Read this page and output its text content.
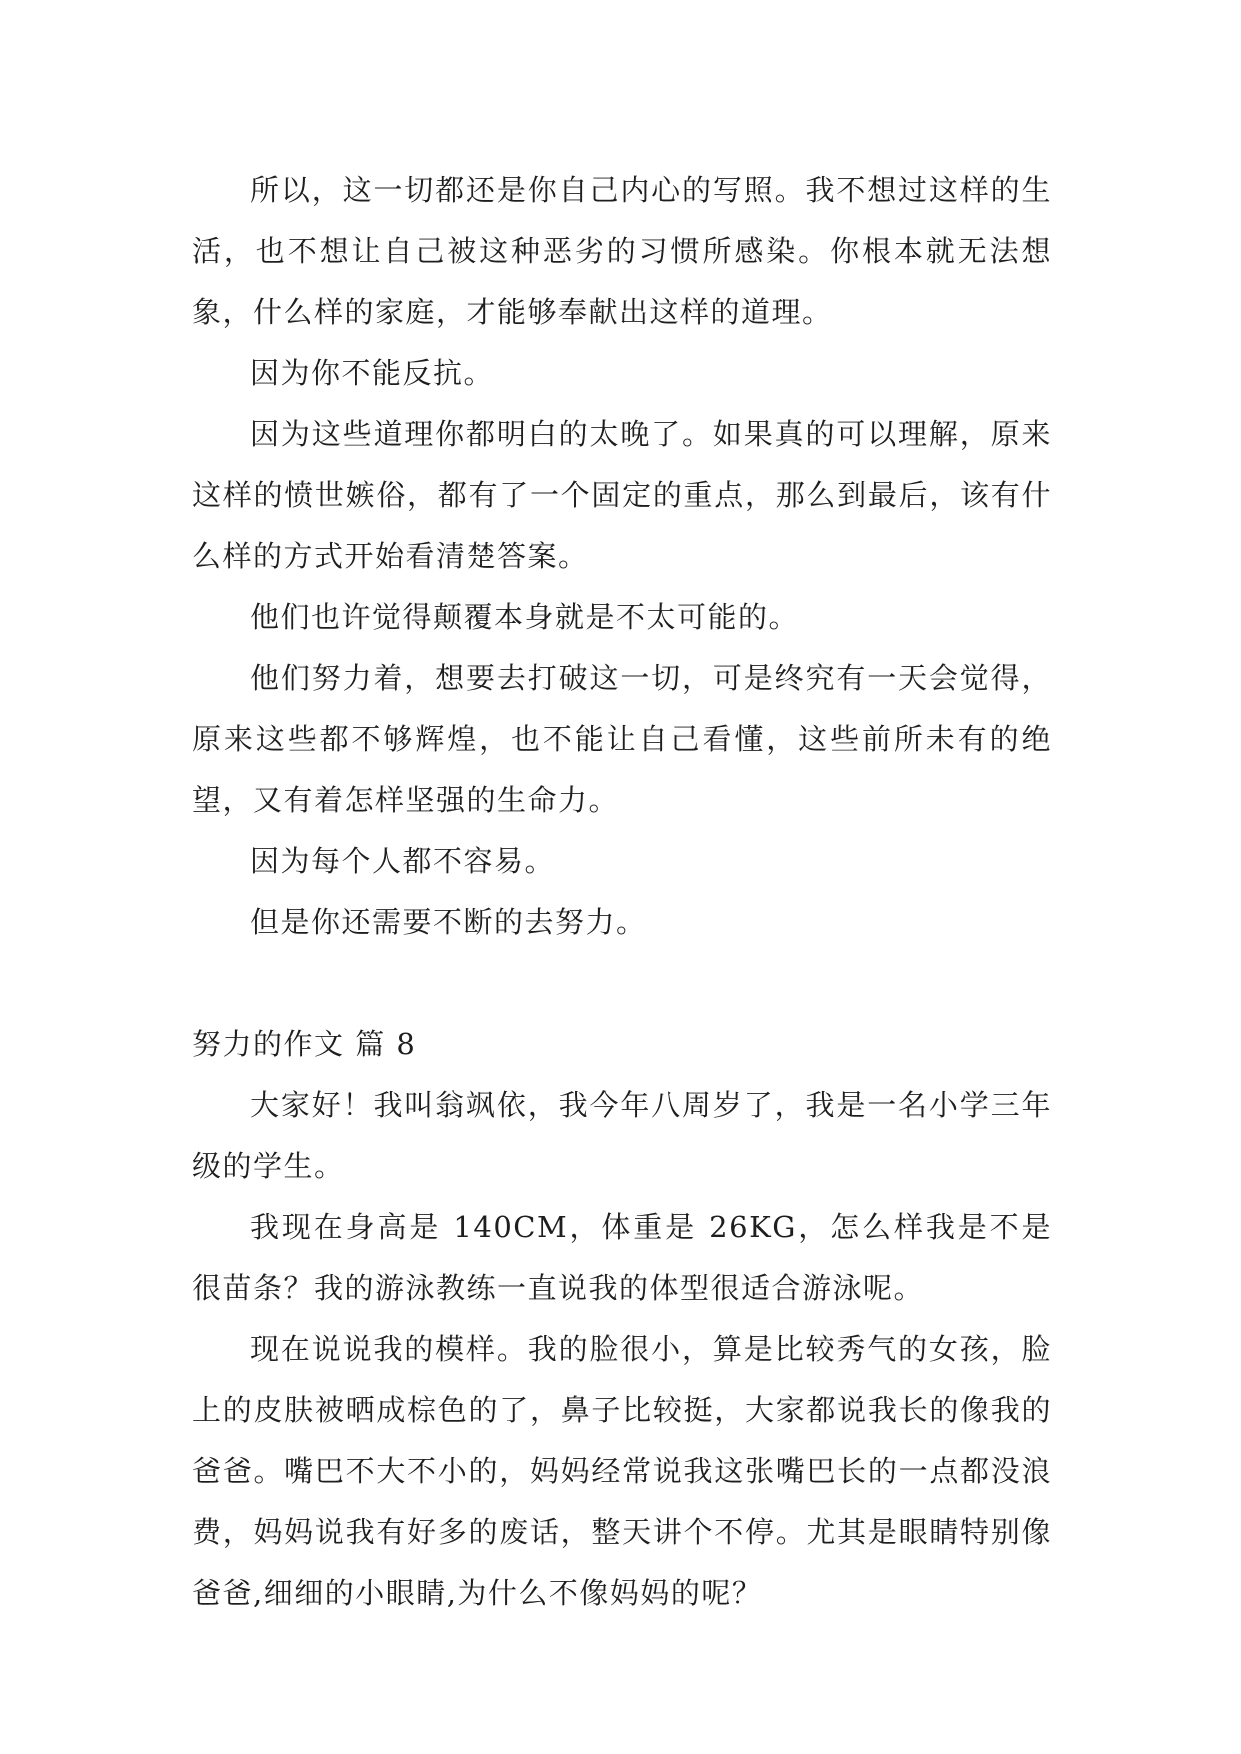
所以，这一切都还是你自己内心的写照。我不想过这样的生活，也不想让自己被这种恶劣的习惯所感染。你根本就无法想象，什么样的家庭，才能够奉献出这样的道理。

因为你不能反抗。

因为这些道理你都明白的太晚了。如果真的可以理解，原来这样的愤世嫉俗，都有了一个固定的重点，那么到最后，该有什么样的方式开始看清楚答案。

他们也许觉得颠覆本身就是不太可能的。

他们努力着，想要去打破这一切，可是终究有一天会觉得，原来这些都不够辉煌，也不能让自己看懂，这些前所未有的绝望，又有着怎样坚强的生命力。

因为每个人都不容易。

但是你还需要不断的去努力。

努力的作文 篇 8

大家好！我叫翁飒依，我今年八周岁了，我是一名小学三年级的学生。

我现在身高是 140CM，体重是 26KG，怎么样我是不是很苗条？我的游泳教练一直说我的体型很适合游泳呢。

现在说说我的模样。我的脸很小，算是比较秀气的女孩，脸上的皮肤被晒成棕色的了，鼻子比较挺，大家都说我长的像我的爸爸。嘴巴不大不小的，妈妈经常说我这张嘴巴长的一点都没浪费，妈妈说我有好多的废话，整天讲个不停。尤其是眼睛特别像爸爸,细细的小眼睛,为什么不像妈妈的呢？
